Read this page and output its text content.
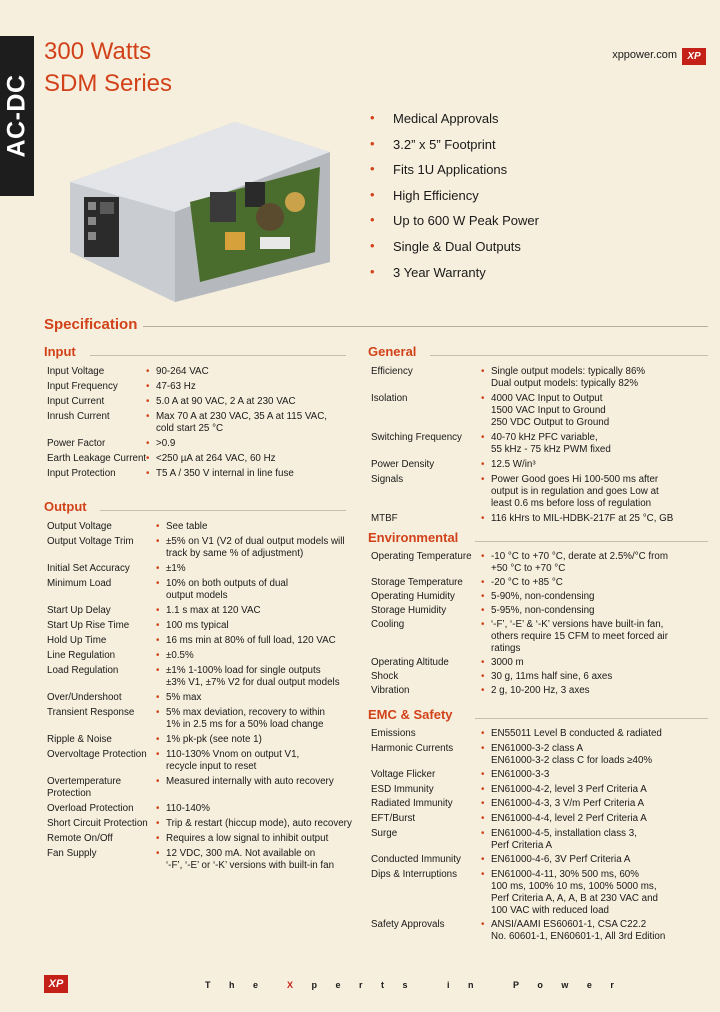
AC-DC
300 Watts
SDM Series
xppower.com	XP
• Medical Approvals
• 3.2” x 5” Footprint
• Fits 1U Applications
• High Efficiency
• Up to 600 W Peak Power
• Single & Dual Outputs
• 3 Year Warranty
Specification
Input
Input Voltage	• 90-264 VAC
Input Frequency	• 47-63 Hz
Input Current	• 5.0 A at 90 VAC, 2 A at 230 VAC
Inrush Current	• Max 70 A at 230 VAC, 35 A at 115 VAC,
cold start 25 °C
Power Factor	• >0.9
Earth Leakage Current • <250 µA at 264 VAC, 60 Hz
Input Protection	• T5 A / 350 V internal in line fuse
Output
Output Voltage	• See table
Output Voltage Trim • ±5% on V1 (V2 of dual output models will
track by same % of adjustment)
Initial Set Accuracy	• ±1%
Minimum Load	• 10% on both outputs of dual
output models
Start Up Delay	• 1.1 s max at 120 VAC
Start Up Rise Time	• 100 ms typical
Hold Up Time	• 16 ms min at 80% of full load, 120 VAC
Line Regulation	• ±0.5%
Load Regulation	• ±1% 1-100% load for single outputs
±3% V1, ±7% V2 for dual output models
Over/Undershoot	• 5% max
Transient Response • 5% max deviation, recovery to within
1% in 2.5 ms for a 50% load change
Ripple & Noise	• 1% pk-pk (see note 1)
Overvoltage Protection • 110-130% Vnom on output V1,
recycle input to reset
Overtemperature
Protection
• Measured internally with auto recovery
Overload Protection • 110-140%
Short Circuit Protection • Trip & restart (hiccup mode), auto recovery
Remote On/Off	• Requires a low signal to inhibit output
Fan Supply	• 12 VDC, 300 mA. Not available on
‘-F’, ‘-E’ or ‘-K’ versions with built-in fan
General
Efficiency	• Single output models: typically 86%
Dual output models: typically 82%
Isolation	• 4000 VAC Input to Output
1500 VAC Input to Ground
250 VDC Output to Ground
Switching Frequency • 40-70 kHz PFC variable,
55 kHz - 75 kHz PWM fixed
Power Density	• 12.5 W/in³
Signals	• Power Good goes Hi 100-500 ms after
output is in regulation and goes Low at
least 0.6 ms before loss of regulation
MTBF	• 116 kHrs to MIL-HDBK-217F at 25 °C, GB
Environmental
Operating Temperature • -10 °C to +70 °C, derate at 2.5%/°C from
+50 °C to +70 °C
Storage Temperature • -20 °C to +85 °C
Operating Humidity	• 5-90%, non-condensing
Storage Humidity	• 5-95%, non-condensing
Cooling	• ‘-F’, ‘-E’ & ‘-K’ versions have built-in fan,
others require 15 CFM to meet forced air
ratings
Operating Altitude	• 3000 m
Shock	• 30 g, 11ms half sine, 6 axes
Vibration	• 2 g, 10-200 Hz, 3 axes
EMC & Safety
Emissions	• EN55011 Level B conducted & radiated
Harmonic Currents	• EN61000-3-2 class A
EN61000-3-2 class C for loads ≥40%
Voltage Flicker	• EN61000-3-3
ESD Immunity	• EN61000-4-2, level 3 Perf Criteria A
Radiated Immunity	• EN61000-4-3, 3 V/m Perf Criteria A
EFT/Burst	• EN61000-4-4, level 2 Perf Criteria A
Surge	• EN61000-4-5, installation class 3,
Perf Criteria A
Conducted Immunity • EN61000-4-6, 3V Perf Criteria A
Dips & Interruptions • EN61000-4-11, 30% 500 ms, 60%
100 ms, 100% 10 ms, 100% 5000 ms,
Perf Criteria A, A, A, B at 230 VAC and
100 VAC with reduced load
Safety Approvals	• ANSI/AAMI ES60601-1, CSA C22.2
No. 60601-1, EN60601-1, All 3rd Edition
XP	T h e  X p e r t s   i n   P o w e r
